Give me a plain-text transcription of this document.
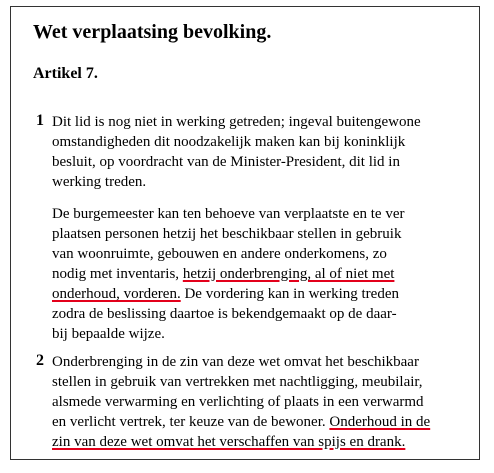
Wet verplaatsing bevolking.
Artikel 7.
1 Dit lid is nog niet in werking getreden; ingeval buitengewone
omstandigheden dit noodzakelijk maken kan bij koninklijk
besluit, op voordracht van de Minister-President, dit lid in
werking treden.
De burgemeester kan ten behoeve van verplaatste en te ver
plaatsen personen hetzij het beschikbaar stellen in gebruik
van woonruimte, gebouwen en andere onderkomens, zo
nodig met inventaris, hetzij onderbrenging, al of niet met
onderhoud, vorderen. De vordering kan in werking treden
zodra de beslissing daartoe is bekendgemaakt op de daar-
bij bepaalde wijze.
2 Onderbrenging in de zin van deze wet omvat het beschikbaar
stellen in gebruik van vertrekken met nachtligging, meubilair,
alsmede verwarming en verlichting of plaats in een verwarmd
en verlicht vertrek, ter keuze van de bewoner. Onderhoud in de
zin van deze wet omvat het verschaffen van spijs en drank.
